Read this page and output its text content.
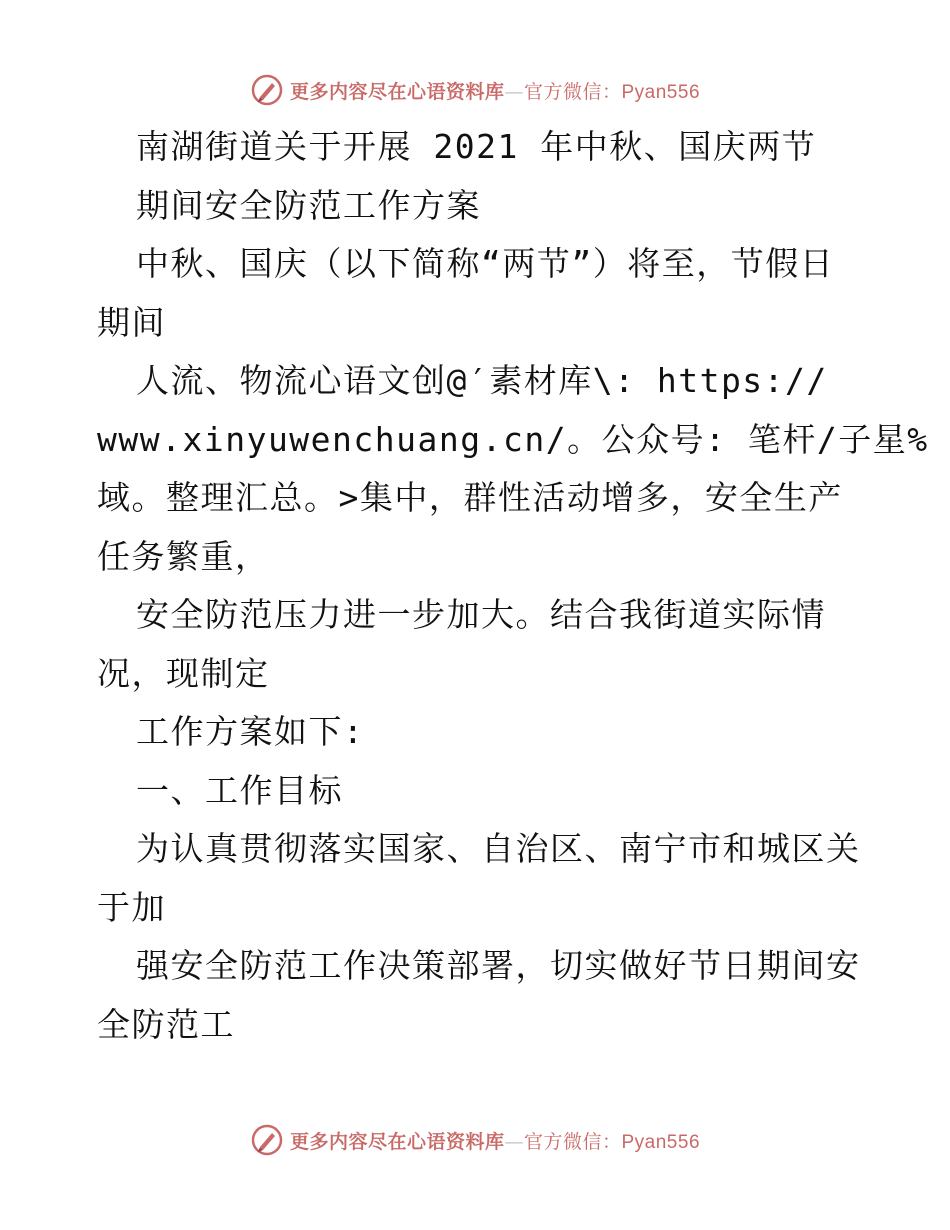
更多内容尽在心语资料库—官方微信：Pyan556
南湖街道关于开展 2021 年中秋、国庆两节
期间安全防范工作方案
中秋、国庆（以下简称“两节”）将至，节假日
期间
人流、物流心语文创@′素材库\: https://
www.xinyuwenchuang.cn/。公众号: 笔杆/子星%
域。整理汇总。>集中，群性活动增多，安全生产
任务繁重，
安全防范压力进一步加大。结合我街道实际情
况，现制定
工作方案如下:
一、工作目标
为认真贯彻落实国家、自治区、南宁市和城区关
于加
强安全防范工作决策部署，切实做好节日期间安
全防范工
更多内容尽在心语资料库—官方微信：Pyan556
